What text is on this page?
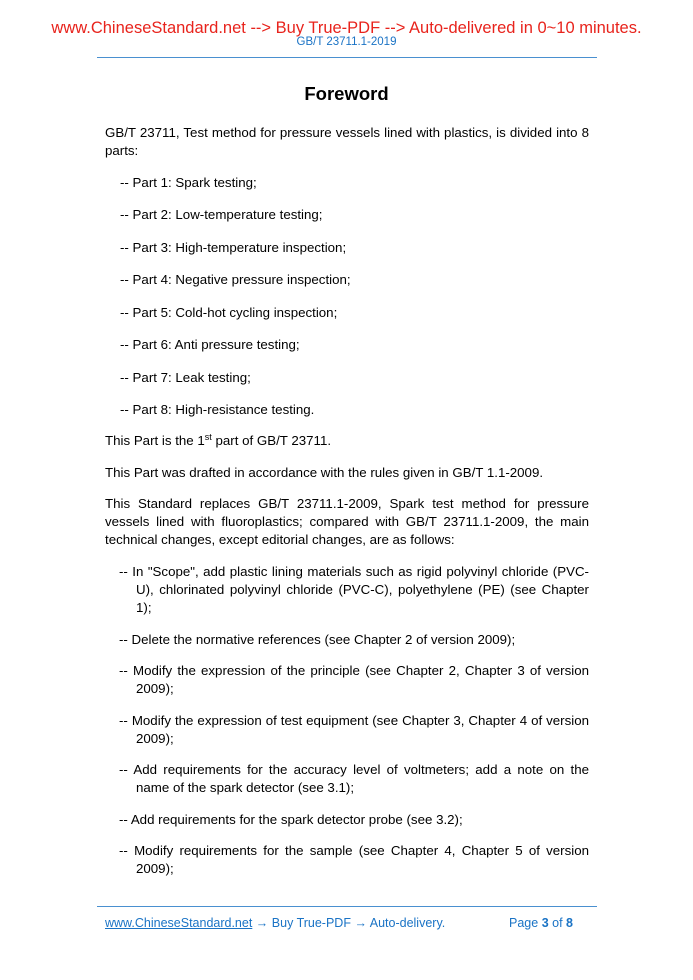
www.ChineseStandard.net --> Buy True-PDF --> Auto-delivered in 0~10 minutes.
GB/T 23711.1-2019
Foreword

GB/T 23711, Test method for pressure vessels lined with plastics, is divided into 8 parts:

-- Part 1: Spark testing;
-- Part 2: Low-temperature testing;
-- Part 3: High-temperature inspection;
-- Part 4: Negative pressure inspection;
-- Part 5: Cold-hot cycling inspection;
-- Part 6: Anti pressure testing;
-- Part 7: Leak testing;
-- Part 8: High-resistance testing.

This Part is the 1st part of GB/T 23711.

This Part was drafted in accordance with the rules given in GB/T 1.1-2009.

This Standard replaces GB/T 23711.1-2009, Spark test method for pressure vessels lined with fluoroplastics; compared with GB/T 23711.1-2009, the main technical changes, except editorial changes, are as follows:

-- In "Scope", add plastic lining materials such as rigid polyvinyl chloride (PVC-U), chlorinated polyvinyl chloride (PVC-C), polyethylene (PE) (see Chapter 1);
-- Delete the normative references (see Chapter 2 of version 2009);
-- Modify the expression of the principle (see Chapter 2, Chapter 3 of version 2009);
-- Modify the expression of test equipment (see Chapter 3, Chapter 4 of version 2009);
-- Add requirements for the accuracy level of voltmeters; add a note on the name of the spark detector (see 3.1);
-- Add requirements for the spark detector probe (see 3.2);
-- Modify requirements for the sample (see Chapter 4, Chapter 5 of version 2009);
www.ChineseStandard.net → Buy True-PDF → Auto-delivery.	Page 3 of 8
